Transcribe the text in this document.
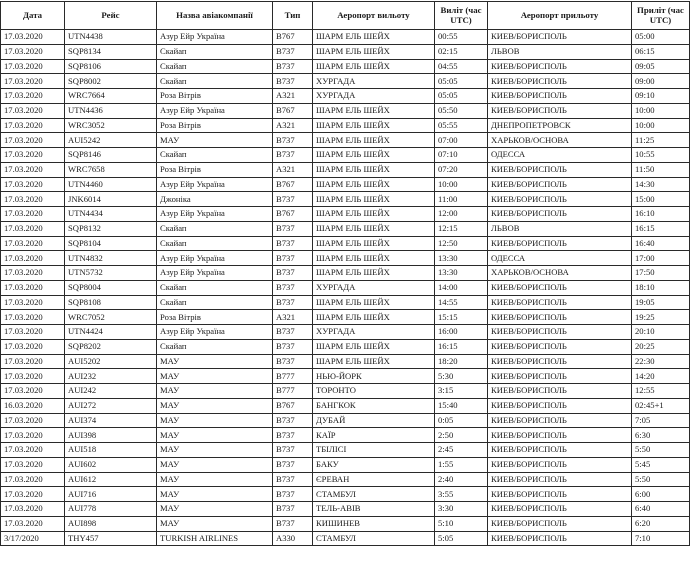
Дата	Рейс	Назва авіакомпанії	Тип	Аеропорт вильоту	Виліт (час UTC)	Аеропорт прильоту	Приліт (час UTC)
17.03.2020	UTN4438	Азур Ейр Україна	B767	ШАРМ ЕЛЬ ШЕЙХ	00:55	КИЕВ/БОРИСПОЛЬ	05:00
17.03.2020	SQP8134	Скайап	B737	ШАРМ ЕЛЬ ШЕЙХ	02:15	ЛЬВОВ	06:15
17.03.2020	SQP8106	Скайап	B737	ШАРМ ЕЛЬ ШЕЙХ	04:55	КИЕВ/БОРИСПОЛЬ	09:05
17.03.2020	SQP8002	Скайап	B737	ХУРГАДА	05:05	КИЕВ/БОРИСПОЛЬ	09:00
17.03.2020	WRC7664	Роза Вітрів	A321	ХУРГАДА	05:05	КИЕВ/БОРИСПОЛЬ	09:10
17.03.2020	UTN4436	Азур Ейр Україна	B767	ШАРМ ЕЛЬ ШЕЙХ	05:50	КИЕВ/БОРИСПОЛЬ	10:00
17.03.2020	WRC3052	Роза Вітрів	A321	ШАРМ ЕЛЬ ШЕЙХ	05:55	ДНЕПРОПЕТРОВСК	10:00
17.03.2020	AUI5242	МАУ	B737	ШАРМ ЕЛЬ ШЕЙХ	07:00	ХАРЬКОВ/ОСНОВА	11:25
17.03.2020	SQP8146	Скайап	B737	ШАРМ ЕЛЬ ШЕЙХ	07:10	ОДЕССА	10:55
17.03.2020	WRC7658	Роза Вітрів	A321	ШАРМ ЕЛЬ ШЕЙХ	07:20	КИЕВ/БОРИСПОЛЬ	11:50
17.03.2020	UTN4460	Азур Ейр Україна	B767	ШАРМ ЕЛЬ ШЕЙХ	10:00	КИЕВ/БОРИСПОЛЬ	14:30
17.03.2020	JNK6014	Джоніка	B737	ШАРМ ЕЛЬ ШЕЙХ	11:00	КИЕВ/БОРИСПОЛЬ	15:00
17.03.2020	UTN4434	Азур Ейр Україна	B767	ШАРМ ЕЛЬ ШЕЙХ	12:00	КИЕВ/БОРИСПОЛЬ	16:10
17.03.2020	SQP8132	Скайап	B737	ШАРМ ЕЛЬ ШЕЙХ	12:15	ЛЬВОВ	16:15
17.03.2020	SQP8104	Скайап	B737	ШАРМ ЕЛЬ ШЕЙХ	12:50	КИЕВ/БОРИСПОЛЬ	16:40
17.03.2020	UTN4832	Азур Ейр Україна	B737	ШАРМ ЕЛЬ ШЕЙХ	13:30	ОДЕССА	17:00
17.03.2020	UTN5732	Азур Ейр Україна	B737	ШАРМ ЕЛЬ ШЕЙХ	13:30	ХАРЬКОВ/ОСНОВА	17:50
17.03.2020	SQP8004	Скайап	B737	ХУРГАДА	14:00	КИЕВ/БОРИСПОЛЬ	18:10
17.03.2020	SQP8108	Скайап	B737	ШАРМ ЕЛЬ ШЕЙХ	14:55	КИЕВ/БОРИСПОЛЬ	19:05
17.03.2020	WRC7052	Роза Вітрів	A321	ШАРМ ЕЛЬ ШЕЙХ	15:15	КИЕВ/БОРИСПОЛЬ	19:25
17.03.2020	UTN4424	Азур Ейр Україна	B737	ХУРГАДА	16:00	КИЕВ/БОРИСПОЛЬ	20:10
17.03.2020	SQP8202	Скайап	B737	ШАРМ ЕЛЬ ШЕЙХ	16:15	КИЕВ/БОРИСПОЛЬ	20:25
17.03.2020	AUI5202	МАУ	B737	ШАРМ ЕЛЬ ШЕЙХ	18:20	КИЕВ/БОРИСПОЛЬ	22:30
17.03.2020	AUI232	МАУ	B777	НЬЮ-ЙОРК	5:30	КИЕВ/БОРИСПОЛЬ	14:20
17.03.2020	AUI242	МАУ	B777	ТОРОНТО	3:15	КИЕВ/БОРИСПОЛЬ	12:55
16.03.2020	AUI272	МАУ	B767	БАНГКОК	15:40	КИЕВ/БОРИСПОЛЬ	02:45+1
17.03.2020	AUI374	МАУ	B737	ДУБАЙ	0:05	КИЕВ/БОРИСПОЛЬ	7:05
17.03.2020	AUI398	МАУ	B737	КАЇР	2:50	КИЕВ/БОРИСПОЛЬ	6:30
17.03.2020	AUI518	МАУ	B737	ТБІЛІСІ	2:45	КИЕВ/БОРИСПОЛЬ	5:50
17.03.2020	AUI602	МАУ	B737	БАКУ	1:55	КИЕВ/БОРИСПОЛЬ	5:45
17.03.2020	AUI612	МАУ	B737	ЄРЕВАН	2:40	КИЕВ/БОРИСПОЛЬ	5:50
17.03.2020	AUI716	МАУ	B737	СТАМБУЛ	3:55	КИЕВ/БОРИСПОЛЬ	6:00
17.03.2020	AUI778	МАУ	B737	ТЕЛЬ-АВІВ	3:30	КИЕВ/БОРИСПОЛЬ	6:40
17.03.2020	AUI898	МАУ	B737	КИШИНЕВ	5:10	КИЕВ/БОРИСПОЛЬ	6:20
3/17/2020	THY457	TURKISH AIRLINES	A330	СТАМБУЛ	5:05	КИЕВ/БОРИСПОЛЬ	7:10
